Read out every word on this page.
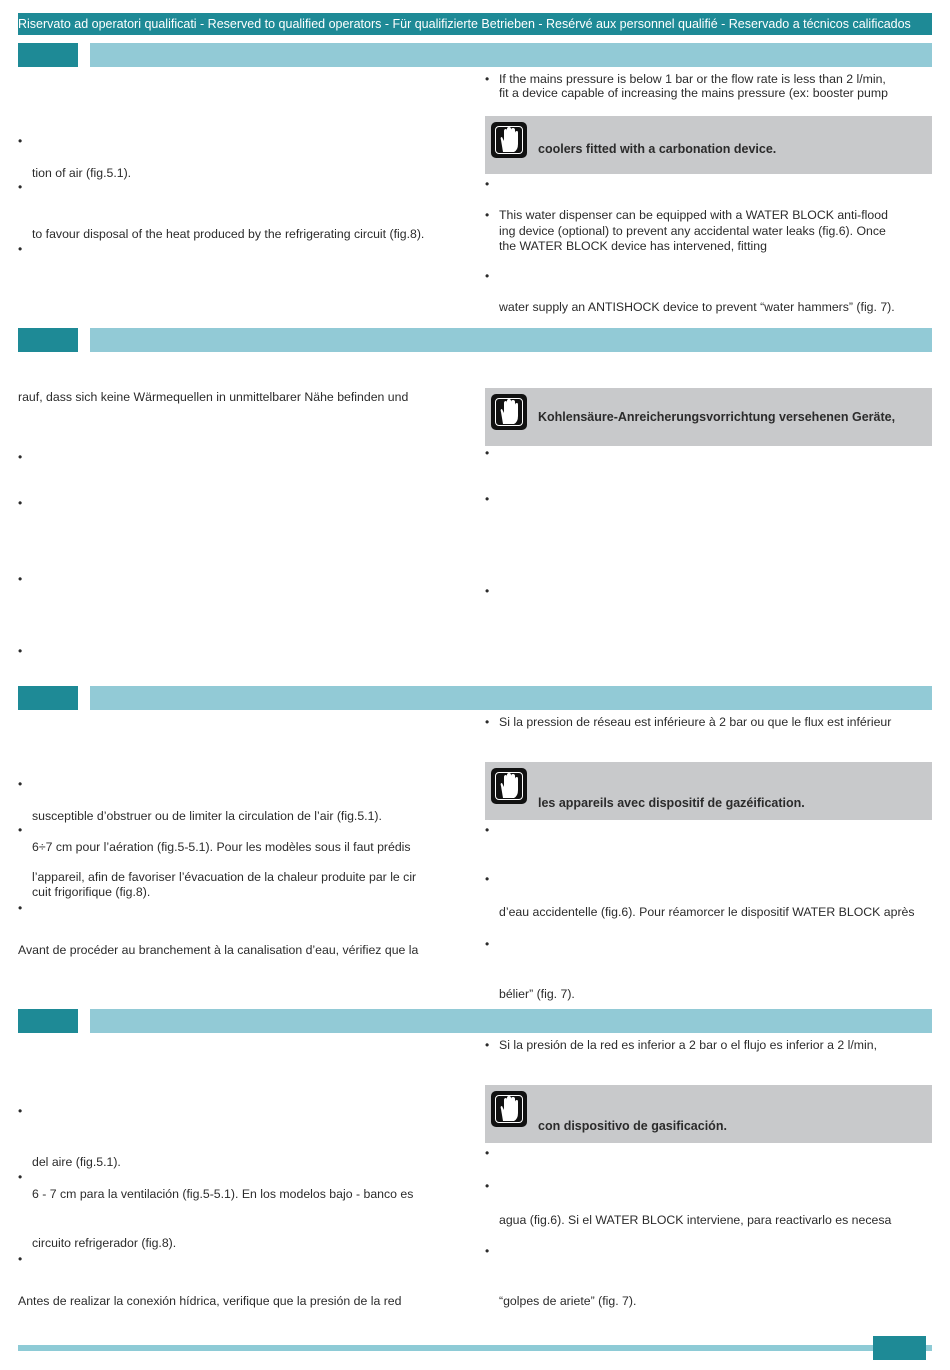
Riservato ad operatori qualificati - Reserved to qualified operators - Für qualifizierte Betrieben - Resérvé aux personnel qualifié - Reservado a técnicos calificados
• If the mains pressure is below 1 bar or the flow rate is less than 2 l/min,
fit a device capable of increasing the mains pressure (ex: booster pump
coolers fitted with a carbonation device.
•
• This water dispenser can be equipped with a WATER BLOCK anti-flood
ing device (optional) to prevent any accidental water leaks (fig.6). Once
the WATER BLOCK device has intervened, fitting
•
water supply an ANTISHOCK device to prevent “water hammers” (fig. 7).
•
tion of air (fig.5.1).
•
to favour disposal of the heat produced by the refrigerating circuit (fig.8).
•
rauf, dass sich keine Wärmequellen in unmittelbarer Nähe befinden und
•
•
•
•
Kohlensäure-Anreicherungsvorrichtung versehenen Geräte,
•
•
•
• Si la pression de réseau est inférieure à 2 bar ou que le flux est inférieur
les appareils avec dispositif de gazéification.
•
•
d’eau accidentelle (fig.6). Pour réamorcer le dispositif WATER BLOCK après
•
bélier” (fig. 7).
•
susceptible d’obstruer ou de limiter la circulation de l’air (fig.5.1).
•
6÷7 cm pour l’aération (fig.5-5.1). Pour les modèles sous il faut prédis
l’appareil, afin de favoriser l’évacuation de la chaleur produite par le cir
cuit frigorifique (fig.8).
•
Avant de procéder au branchement à la canalisation d’eau, vérifiez que la
• Si la presión de la red es inferior a 2 bar o el flujo es inferior a 2 l/min,
con dispositivo de gasificación.
•
•
agua (fig.6). Si el WATER BLOCK interviene, para reactivarlo es necesa
•
“golpes de ariete” (fig. 7).
•
del aire (fig.5.1).
•
6 - 7 cm para la ventilación (fig.5-5.1). En los modelos bajo - banco es
circuito refrigerador (fig.8).
•
Antes de realizar la conexión hídrica, verifique que la presión de la red
